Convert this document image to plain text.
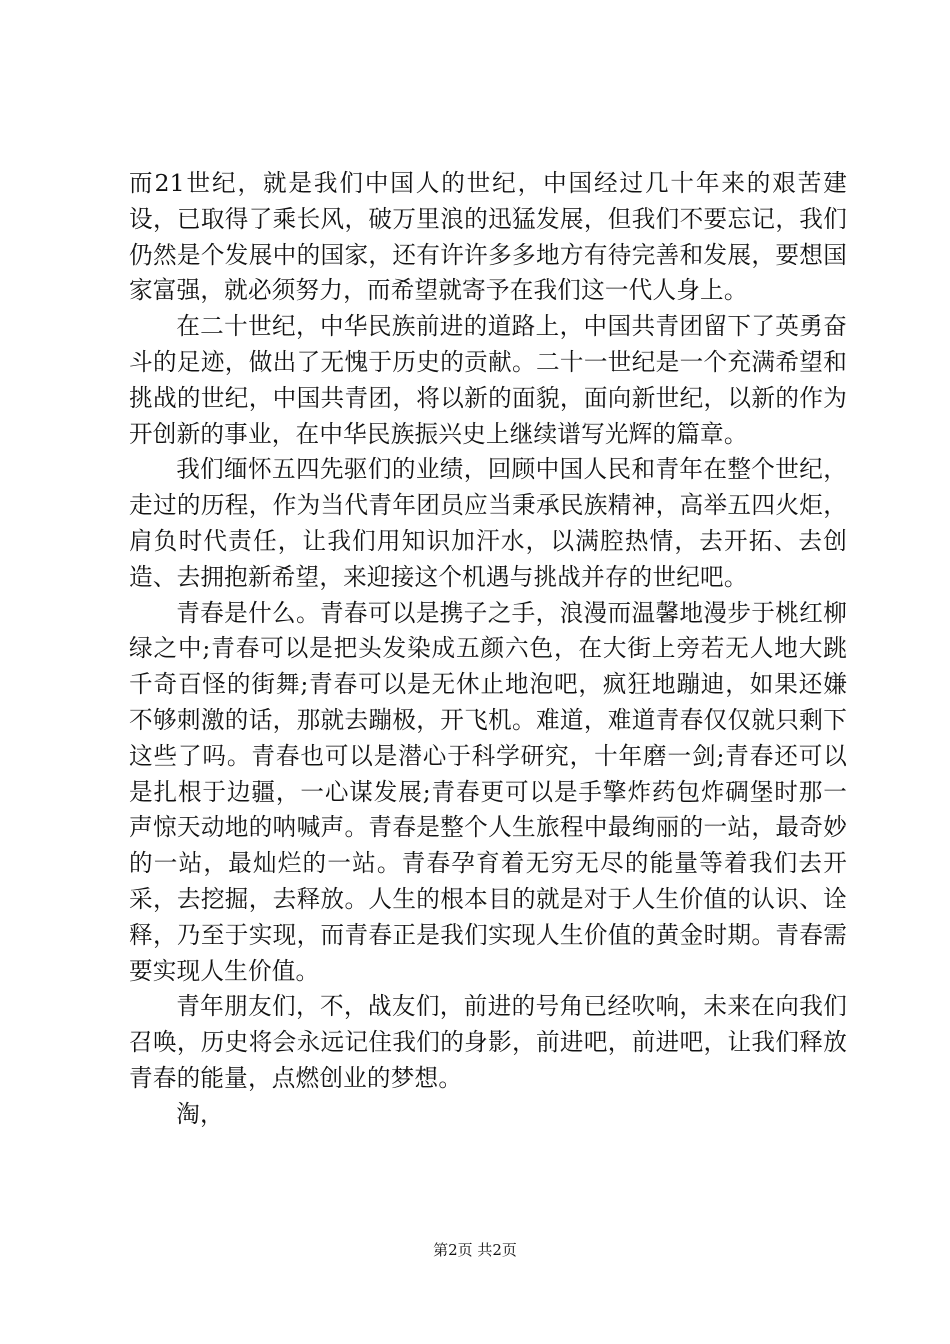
而21世纪，就是我们中国人的世纪，中国经过几十年来的艰苦建设，已取得了乘长风，破万里浪的迅猛发展，但我们不要忘记，我们仍然是个发展中的国家，还有许许多多地方有待完善和发展，要想国家富强，就必须努力，而希望就寄予在我们这一代人身上。

在二十世纪，中华民族前进的道路上，中国共青团留下了英勇奋斗的足迹，做出了无愧于历史的贡献。二十一世纪是一个充满希望和挑战的世纪，中国共青团，将以新的面貌，面向新世纪，以新的作为开创新的事业，在中华民族振兴史上继续谱写光辉的篇章。

我们缅怀五四先驱们的业绩，回顾中国人民和青年在整个世纪，走过的历程，作为当代青年团员应当秉承民族精神，高举五四火炬，肩负时代责任，让我们用知识加汗水，以满腔热情，去开拓、去创造、去拥抱新希望，来迎接这个机遇与挑战并存的世纪吧。

青春是什么。青春可以是携子之手，浪漫而温馨地漫步于桃红柳绿之中;青春可以是把头发染成五颜六色，在大街上旁若无人地大跳千奇百怪的街舞;青春可以是无休止地泡吧，疯狂地蹦迪，如果还嫌不够刺激的话，那就去蹦极，开飞机。难道，难道青春仅仅就只剩下这些了吗。青春也可以是潜心于科学研究，十年磨一剑;青春还可以是扎根于边疆，一心谋发展;青春更可以是手擎炸药包炸碉堡时那一声惊天动地的呐喊声。青春是整个人生旅程中最绚丽的一站，最奇妙的一站，最灿烂的一站。青春孕育着无穷无尽的能量等着我们去开采，去挖掘，去释放。人生的根本目的就是对于人生价值的认识、诠释，乃至于实现，而青春正是我们实现人生价值的黄金时期。青春需要实现人生价值。

青年朋友们，不，战友们，前进的号角已经吹响，未来在向我们召唤，历史将会永远记住我们的身影，前进吧，前进吧，让我们释放青春的能量，点燃创业的梦想。

淘，

第2页 共2页
